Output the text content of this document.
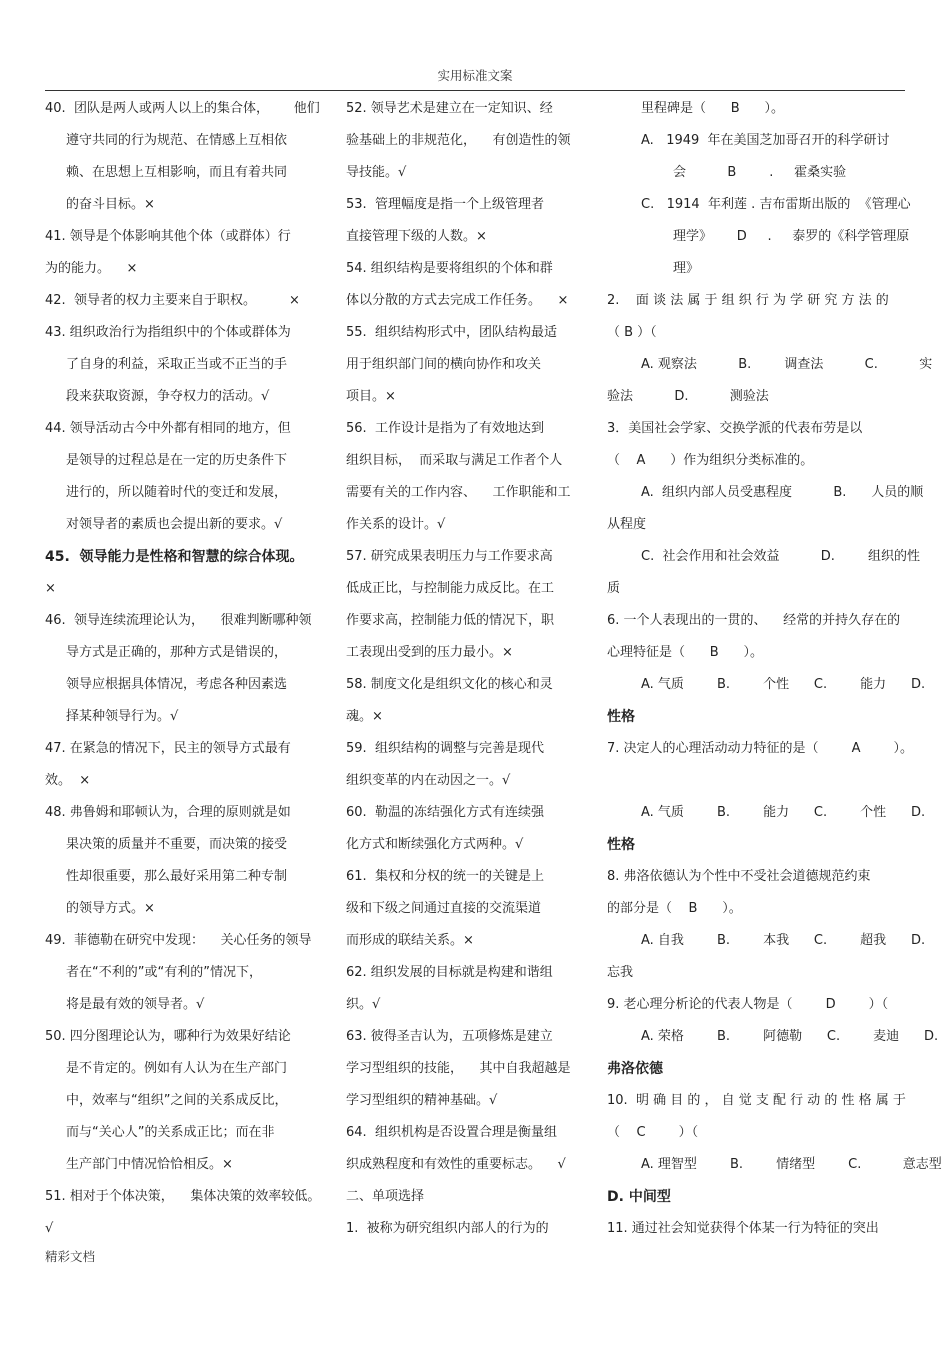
实用标准文案
40.  团队是两人或两人以上的集合体，      他们
遵守共同的行为规范、在情感上互相依
赖、在思想上互相影响，而且有着共同
的奋斗目标。×
41. 领导是个体影响其他个体（或群体）行
为的能力。    ×
42.  领导者的权力主要来自于职权。        ×
43. 组织政治行为指组织中的个体或群体为
了自身的利益，采取正当或不正当的手
段来获取资源，争夺权力的活动。√
44. 领导活动古今中外都有相同的地方，但
是领导的过程总是在一定的历史条件下
进行的，所以随着时代的变迁和发展，
对领导者的素质也会提出新的要求。√
45.  领导能力是性格和智慧的综合体现。
×
46.  领导连续流理论认为，    很难判断哪种领
导方式是正确的，那种方式是错误的，
领导应根据具体情况，考虑各种因素选
择某种领导行为。√
47. 在紧急的情况下，民主的领导方式最有
效。  ×
48. 弗鲁姆和耶顿认为，合理的原则就是如
果决策的质量并不重要，而决策的接受
性却很重要，那么最好采用第二种专制
的领导方式。×
49.  菲德勒在研究中发现：    关心任务的领导
者在“不利的”或“有利的”情况下，
将是最有效的领导者。√
50. 四分图理论认为，哪种行为效果好结论
是不肯定的。例如有人认为在生产部门
中，效率与“组织”之间的关系成反比，
而与“关心人”的关系成正比；而在非
生产部门中情况恰恰相反。×
51. 相对于个体决策，    集体决策的效率较低。
√
52. 领导艺术是建立在一定知识、经
验基础上的非规范化，    有创造性的领
导技能。√
53.  管理幅度是指一个上级管理者
直接管理下级的人数。×
54. 组织结构是要将组织的个体和群
体以分散的方式去完成工作任务。    ×
55.  组织结构形式中，团队结构最适
用于组织部门间的横向协作和攻关
项目。×
56.  工作设计是指为了有效地达到
组织目标，  而采取与满足工作者个人
需要有关的工作内容、    工作职能和工
作关系的设计。√
57. 研究成果表明压力与工作要求高
低成正比，与控制能力成反比。在工
作要求高，控制能力低的情况下，职
工表现出受到的压力最小。×
58. 制度文化是组织文化的核心和灵
魂。×
59.  组织结构的调整与完善是现代
组织变革的内在动因之一。√
60.  勒温的冻结强化方式有连续强
化方式和断续强化方式两种。√
61.  集权和分权的统一的关键是上
级和下级之间通过直接的交流渠道
而形成的联结关系。×
62. 组织发展的目标就是构建和谐组
织。√
63. 彼得圣吉认为，五项修炼是建立
学习型组织的技能，    其中自我超越是
学习型组织的精神基础。√
64.  组织机构是否设置合理是衡量组
织成熟程度和有效性的重要标志。    √
二、单项选择
1.  被称为研究组织内部人的行为的
里程碑是（      B      ）。
A.   1949  年在美国芝加哥召开的科学研讨
会          B        .     霍桑实验
C.   1914  年利莲 . 吉布雷斯出版的  《管理心
理学》      D     .     泰罗的《科学管理原
理》
2.    面 谈 法 属 于 组 织 行 为 学 研 究 方 法 的
（ B ）（
A. 观察法          B.        调查法          C.          实
验法          D.          测验法
3．美国社会学家、交换学派的代表布劳是以
（    A      ）作为组织分类标准的。
A.  组织内部人员受惠程度          B.      人员的顺
从程度
C.  社会作用和社会效益          D.        组织的性
质
6. 一个人表现出的一贯的、    经常的并持久存在的
心理特征是（      B      ）。
A. 气质        B.        个性      C.        能力      D.
性格
7. 决定人的心理活动动力特征的是（        A        ）。
A. 气质        B.        能力      C.        个性      D.
性格
8. 弗洛依德认为个性中不受社会道德规范约束
的部分是（    B      ）。
A. 自我        B.        本我      C.        超我      D.
忘我
9. 老心理分析论的代表人物是（        D        ）（
A. 荣格        B.        阿德勒      C.        麦迪      D.
弗洛依德
10.  明 确 目 的 ， 自 觉 支 配 行 动 的 性 格 属 于
（    C        ）（
A. 理智型        B.        情绪型        C.          意志型
D. 中间型
11. 通过社会知觉获得个体某一行为特征的突出
精彩文档
